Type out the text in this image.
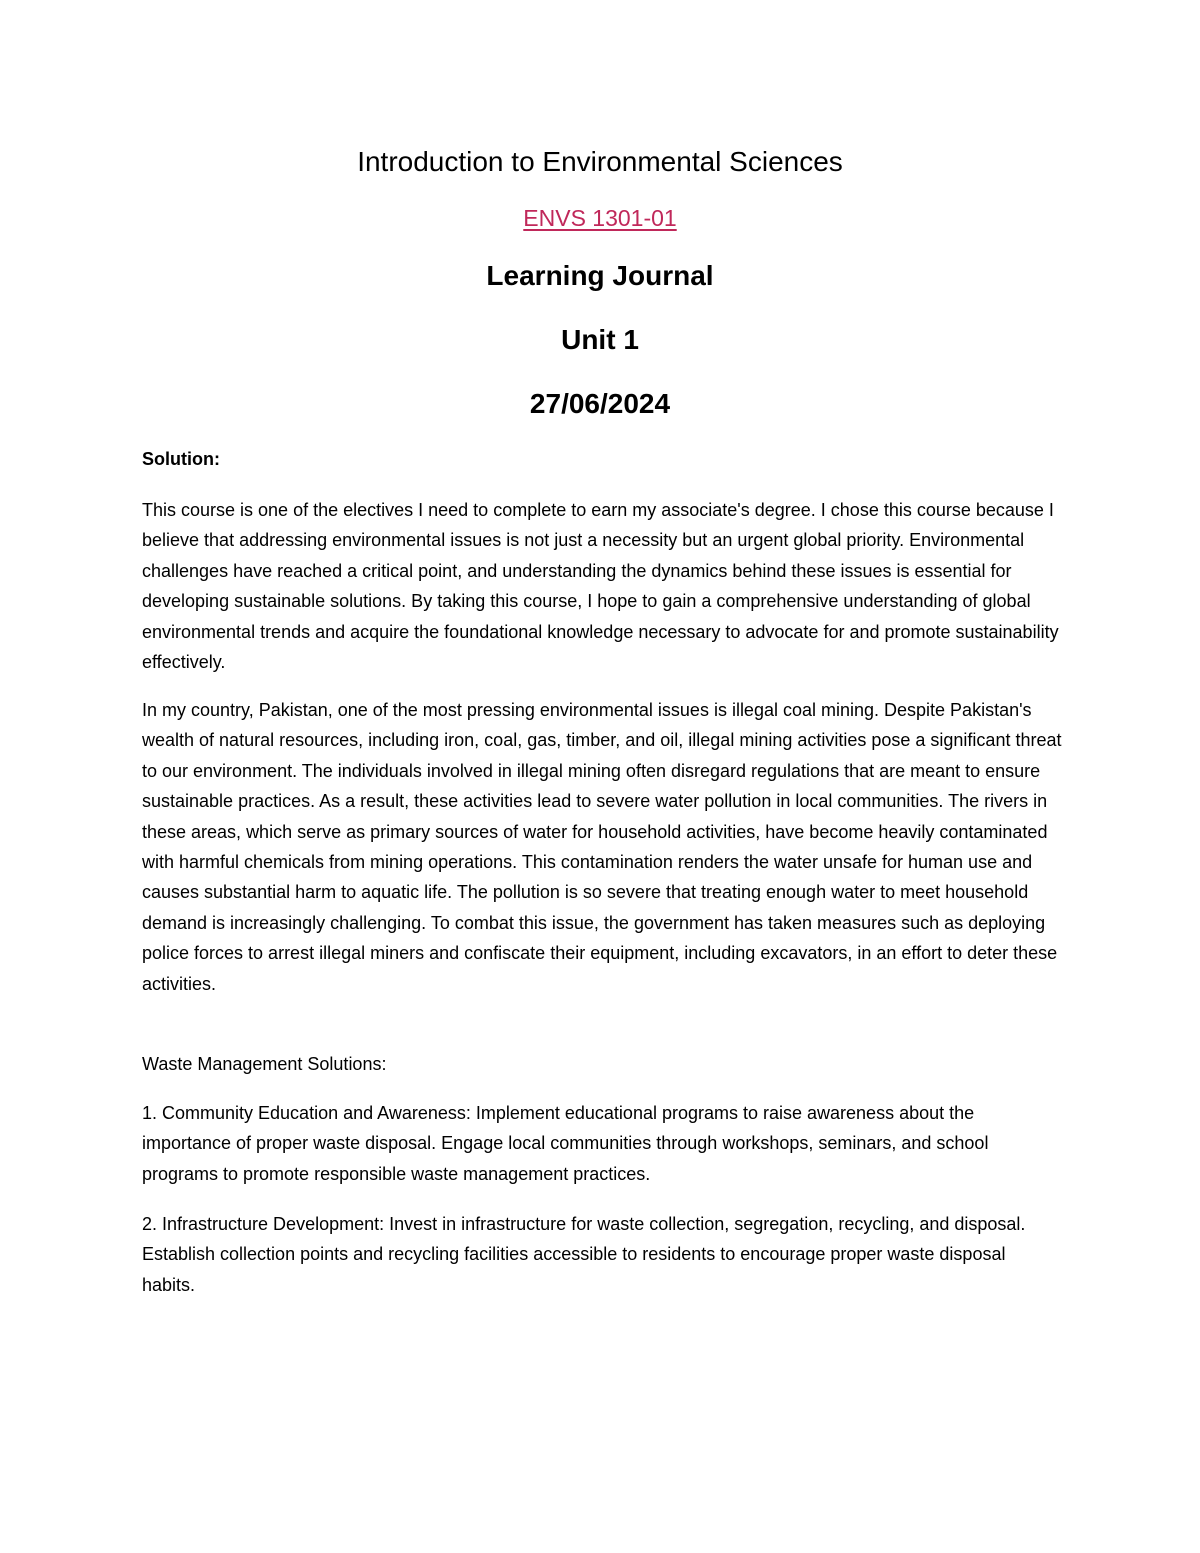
Introduction to Environmental Sciences
ENVS 1301-01
Learning Journal
Unit 1
27/06/2024

Solution:

This course is one of the electives I need to complete to earn my associate's degree. I chose this course because I believe that addressing environmental issues is not just a necessity but an urgent global priority. Environmental challenges have reached a critical point, and understanding the dynamics behind these issues is essential for developing sustainable solutions. By taking this course, I hope to gain a comprehensive understanding of global environmental trends and acquire the foundational knowledge necessary to advocate for and promote sustainability effectively.

In my country, Pakistan, one of the most pressing environmental issues is illegal coal mining. Despite Pakistan's wealth of natural resources, including iron, coal, gas, timber, and oil, illegal mining activities pose a significant threat to our environment. The individuals involved in illegal mining often disregard regulations that are meant to ensure sustainable practices. As a result, these activities lead to severe water pollution in local communities. The rivers in these areas, which serve as primary sources of water for household activities, have become heavily contaminated with harmful chemicals from mining operations. This contamination renders the water unsafe for human use and causes substantial harm to aquatic life. The pollution is so severe that treating enough water to meet household demand is increasingly challenging. To combat this issue, the government has taken measures such as deploying police forces to arrest illegal miners and confiscate their equipment, including excavators, in an effort to deter these activities.

Waste Management Solutions:

1. Community Education and Awareness: Implement educational programs to raise awareness about the importance of proper waste disposal. Engage local communities through workshops, seminars, and school programs to promote responsible waste management practices.

2. Infrastructure Development: Invest in infrastructure for waste collection, segregation, recycling, and disposal. Establish collection points and recycling facilities accessible to residents to encourage proper waste disposal habits.
